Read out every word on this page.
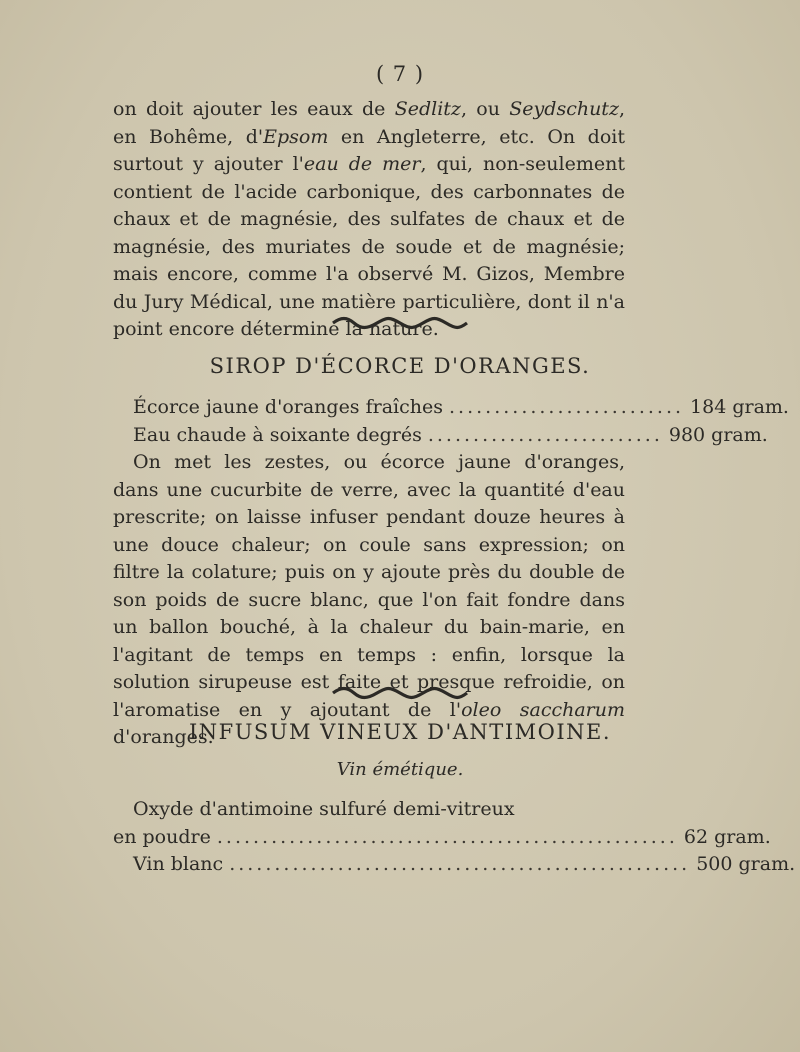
( 7 )

on doit ajouter les eaux de Sedlitz, ou Seydschutz, en Bohême, d'Epsom en Angleterre, etc. On doit surtout y ajouter l'eau de mer, qui, non-seulement contient de l'acide carbonique, des carbonnates de chaux et de magnésie, des sulfates de chaux et de magnésie, des muriates de soude et de magnésie; mais encore, comme l'a observé M. Gizos, Membre du Jury Médical, une matière particulière, dont il n'a point encore déterminé la nature.

SIROP D'ÉCORCE D'ORANGES.
Écorce jaune d'oranges fraîches .......................... 184 gram.
Eau chaude à soixante degrés .......................... 980 gram.

On met les zestes, ou écorce jaune d'oranges, dans une cucurbite de verre, avec la quantité d'eau prescrite; on laisse infuser pendant douze heures à une douce chaleur; on coule sans expression; on filtre la colature; puis on y ajoute près du double de son poids de sucre blanc, que l'on fait fondre dans un ballon bouché, à la chaleur du bain-marie, en l'agitant de temps en temps : enfin, lorsque la solution sirupeuse est faite et presque refroidie, on l'aromatise en y ajoutant de l'oleo saccharum d'oranges.

INFUSUM VINEUX D'ANTIMOINE.
Vin émétique.

Oxyde d'antimoine sulfuré demi-vitreux

en poudre ................................................... 62 gram.
Vin blanc ................................................... 500 gram.
